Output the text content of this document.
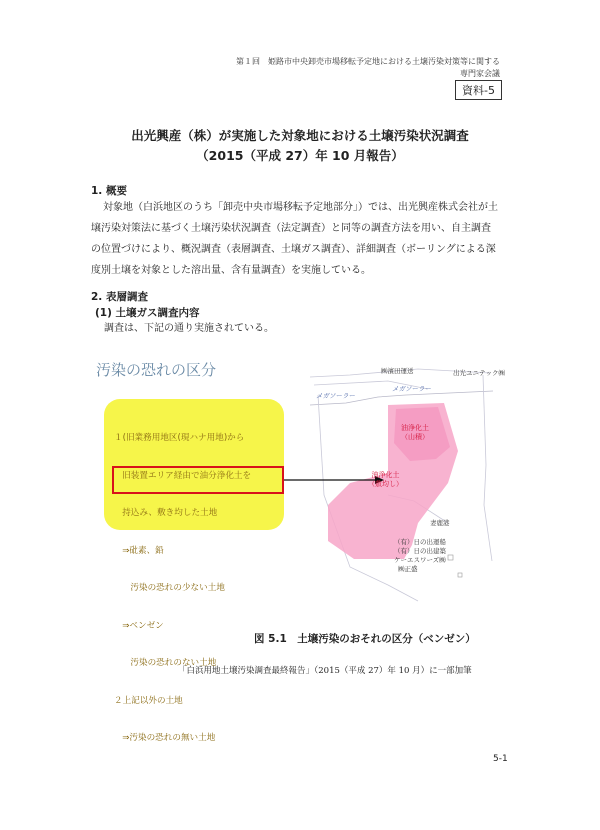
第１回　姫路市中央卸売市場移転予定地における土壌汚染対策等に関する
専門家会議
資料-5
出光興産（株）が実施した対象地における土壌汚染状況調査
（2015（平成 27）年 10 月報告）
1. 概要
対象地（白浜地区のうち「卸売中央市場移転予定地部分」）では、出光興産株式会社が土
壌汚染対策法に基づく土壌汚染状況調査（法定調査）と同等の調査方法を用い、自主調査
の位置づけにより、概況調査（表層調査、土壌ガス調査）、詳細調査（ボーリングによる深
度別土壌を対象とした溶出量、含有量調査）を実施している。
2. 表層調査
(1) 土壌ガス調査内容
調査は、下記の通り実施されている。
汚染の恐れの区分
メガソーラー
メガソーラー
㈱濱田運送	出光ユニテック㈱
油浄化土
（山積）
油浄化土
（敷均し）
妻鹿港
（有）日の出運船
（有）日の出建築
ケーエスワーズ㈱
㈱正盛

１(旧業務用地区(現ハナ用地)から

旧装置エリア経由で油分浄化土を

持込み、敷き均した土地

⇒砒素、鉛

汚染の恐れの少ない土地

⇒ベンゼン

汚染の恐れのない土地

２上記以外の土地

⇒汚染の恐れの無い土地

図 5.1　土壌汚染のおそれの区分（ベンゼン）
「白浜用地土壌汚染調査最終報告」（2015（平成 27）年 10 月）に一部加筆
5-1
